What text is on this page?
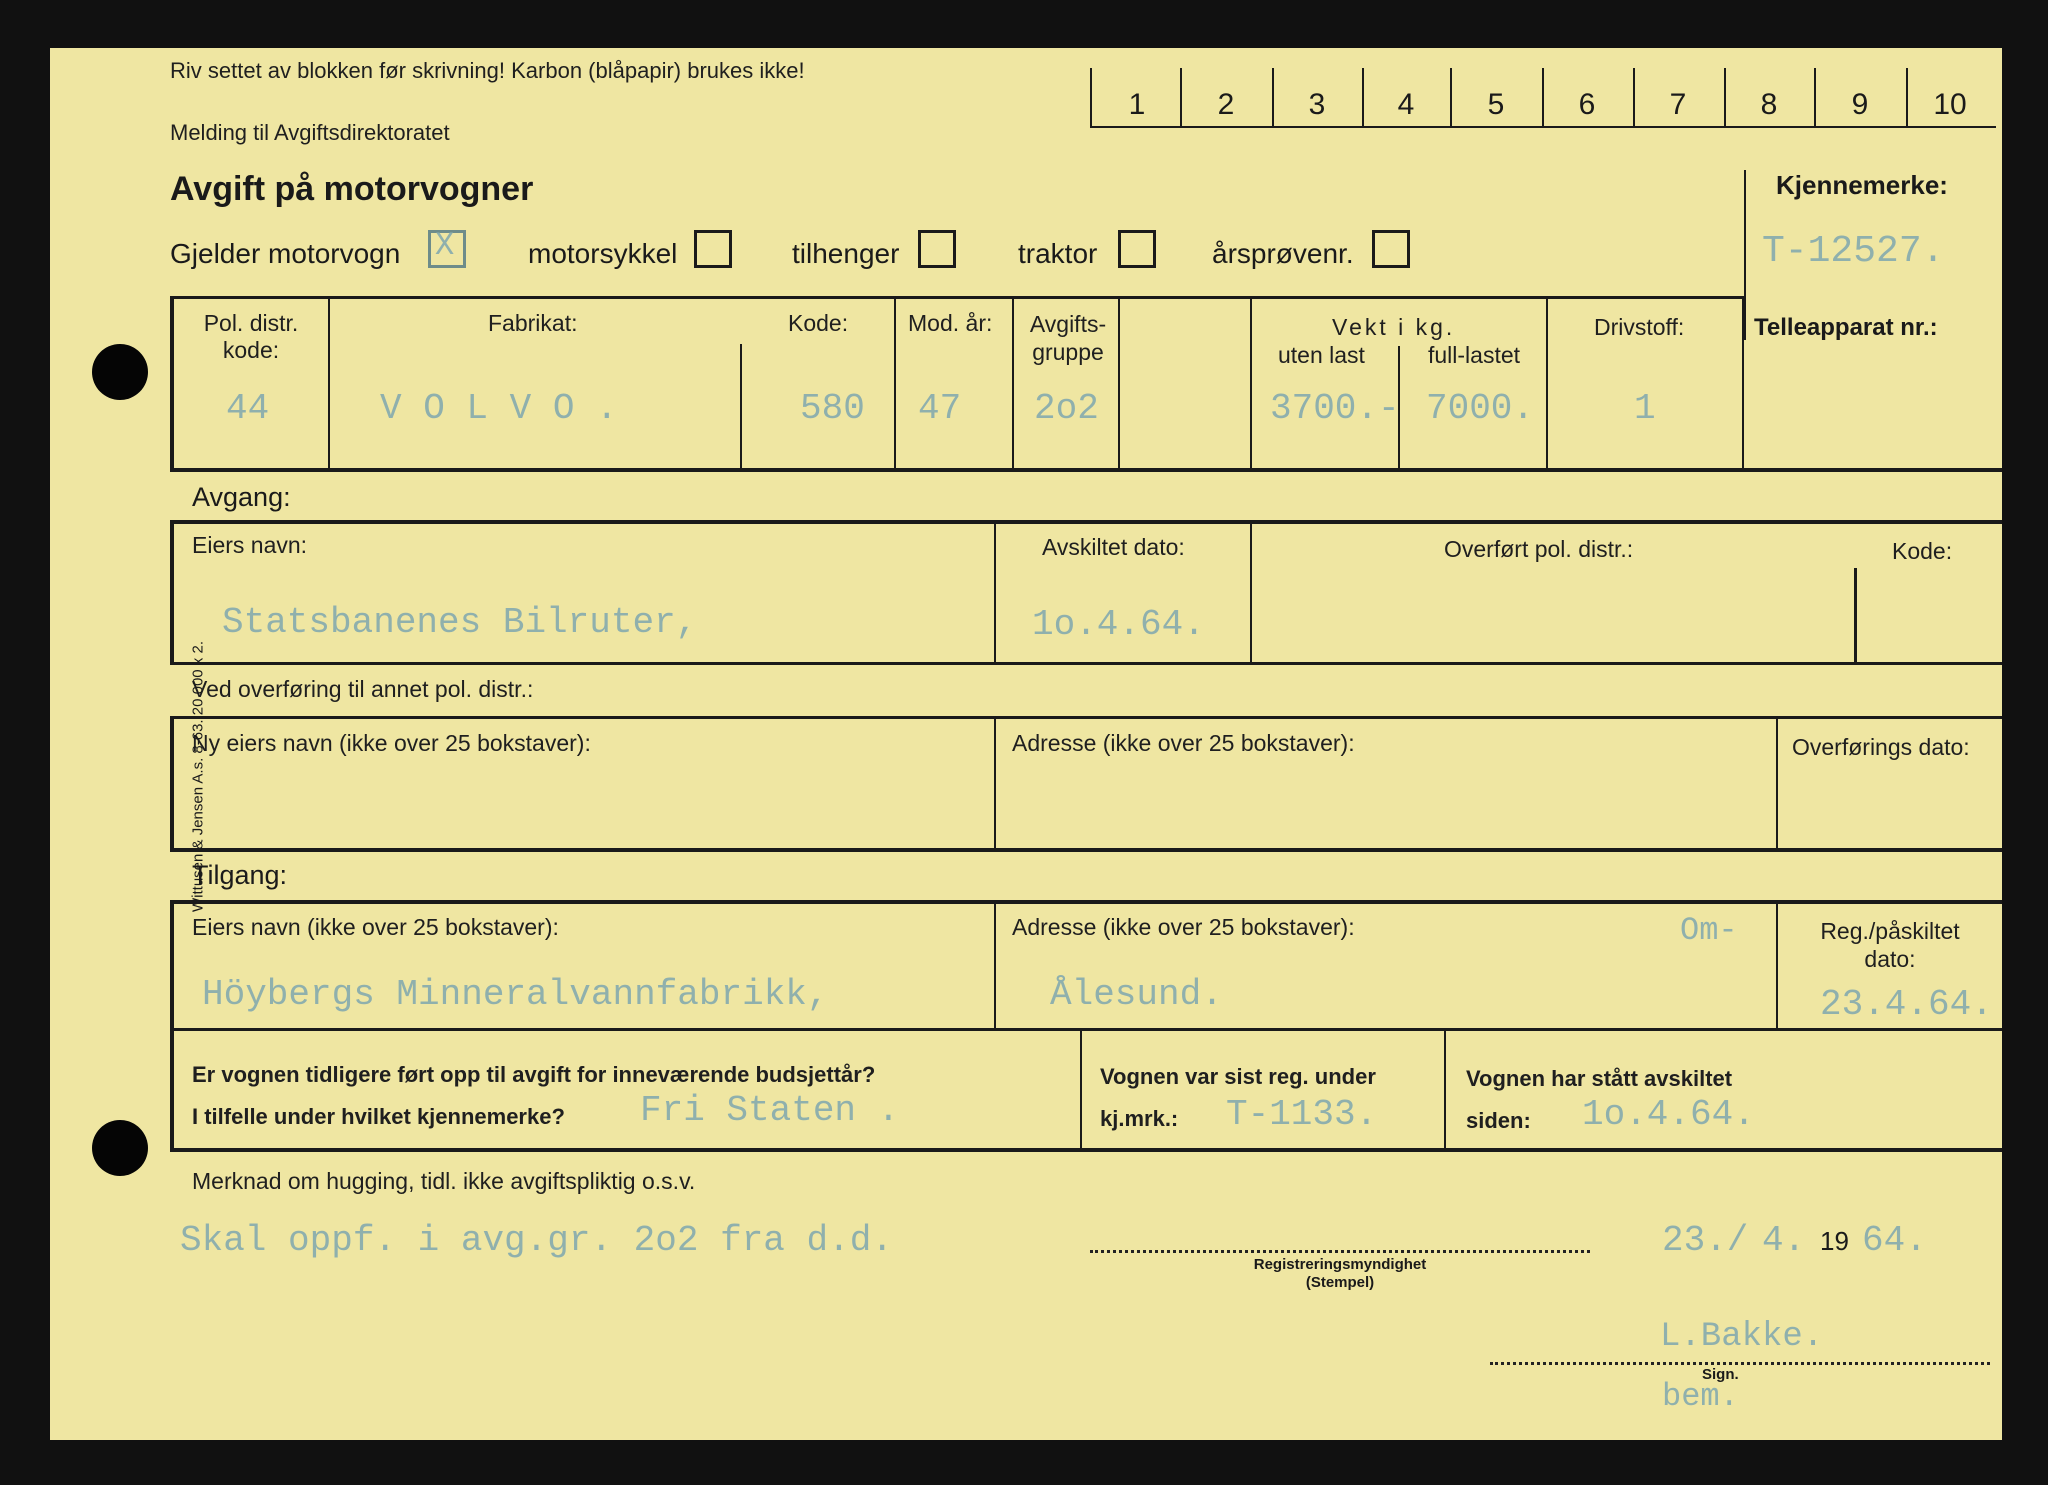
Riv settet av blokken før skrivning! Karbon (blåpapir) brukes ikke!
Melding til Avgiftsdirektoratet
Avgift på motorvogner
1	2	3	4	5	6	7	8	9	10
Gjelder motorvogn X	motorsykkel	tilhenger	traktor	årsprøvenr.
Kjennemerke:
T-12527.
Pol. distr. kode:
44
Fabrikat:
V O L V O .
Kode:
580
Mod. år:
47
Avgifts- gruppe
2o2
Vekt i kg.
uten last
3700.-
full-lastet
7000.
Drivstoff:
1
Telleapparat nr.:
Avgang:
Eiers navn:
Statsbanenes Bilruter,
Avskiltet dato:
1o.4.64.
Overført pol. distr.:	Kode:
Ved overføring til annet pol. distr.:
Ny eiers navn (ikke over 25 bokstaver):	Adresse (ikke over 25 bokstaver):	Overførings dato:
Tilgang:
Eiers navn (ikke over 25 bokstaver):
Höybergs Minneralvannfabrikk,
Adresse (ikke over 25 bokstaver):
Ålesund.
Om-	Reg./påskiltet
dato:
23.4.64.
Er vognen tidligere ført opp til avgift for inneværende budsjettår?
I tilfelle under hvilket kjennemerke? Fri Staten .
Vognen var sist reg. under
kj.mrk.: T-1133.
Vognen har stått avskiltet
siden: 1o.4.64.
Merknad om hugging, tidl. ikke avgiftspliktig o.s.v.
Skal oppf. i avg.gr. 2o2 fra d.d.
Registreringsmyndighet
(Stempel)
23./ 4. 19 64.
L.Bakke.
Sign.
bem.
Wittusen & Jensen A.s. 8-63. 20 000 x 2.
